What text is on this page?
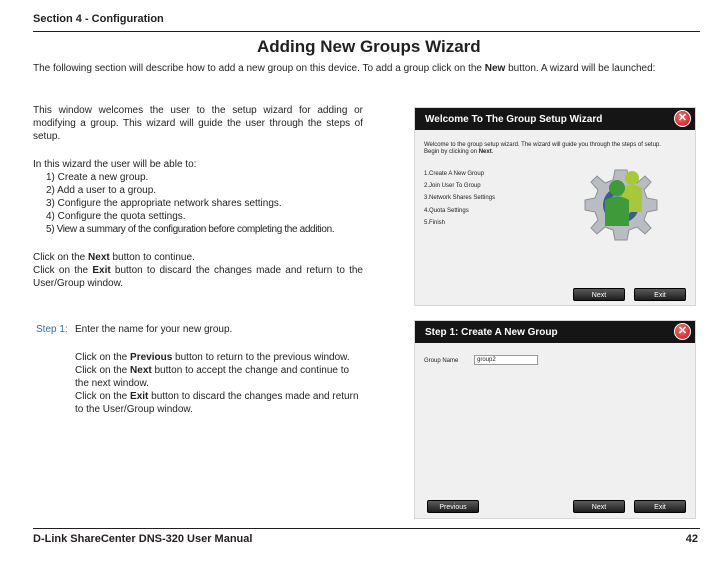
Section 4 - Configuration
Adding New Groups Wizard
The following section will describe how to add a new group on this device. To add a group click on the New button. A wizard will be launched:
This window welcomes the user to the setup wizard for adding or modifying a group. This wizard will guide the user through the steps of setup.
In this wizard the user will be able to:
1) Create a new group.
2) Add a user to a group.
3) Configure the appropriate network shares settings.
4) Configure the quota settings.
5) View a summary of the configuration before completing the addition.
Click on the Next button to continue.
Click on the Exit button to discard the changes made and return to the User/Group window.
Step 1: Enter the name for your new group.
Click on the Previous button to return to the previous window.
Click on the Next button to accept the change and continue to the next window.
Click on the Exit button to discard the changes made and return to the User/Group window.
Welcome To The Group Setup Wizard	✕
Welcome to the group setup wizard. The wizard will guide you through the steps of setup.
Begin by clicking on Next.
1.Create A New Group
2.Join User To Group
3.Network Shares Settings
4.Quota Settings
5.Finish
Next	Exit
Step 1: Create A New Group	✕
Group Name	group2
Previous	Next	Exit
D-Link ShareCenter DNS-320 User Manual	42
